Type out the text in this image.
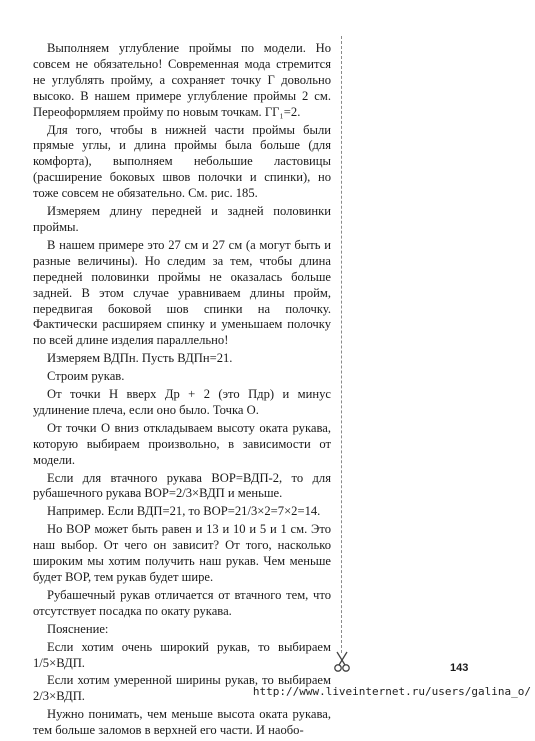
Выполняем углубление проймы по модели. Но совсем не обязательно! Современная мода стремится не углублять пройму, а сохраняет точку Г довольно высоко. В нашем примере углубление проймы 2 см. Переоформляем пройму по новым точкам. ГГ₁=2.

Для того, чтобы в нижней части проймы были прямые углы, и длина проймы была больше (для комфорта), выполняем небольшие ластовицы (расширение боковых швов полочки и спинки), но тоже совсем не обязательно. См. рис. 185.

Измеряем длину передней и задней половинки проймы.

В нашем примере это 27 см и 27 см (а могут быть и разные величины). Но следим за тем, чтобы длина передней половинки проймы не оказалась больше задней. В этом случае уравниваем длины пройм, передвигая боковой шов спинки на полочку. Фактически расширяем спинку и уменьшаем полочку по всей длине изделия параллельно!

Измеряем ВДПн. Пусть ВДПн=21.

Строим рукав.

От точки Н вверх Др + 2 (это Пдр) и минус удлинение плеча, если оно было. Точка О.

От точки О вниз откладываем высоту оката рукава, которую выбираем произвольно, в зависимости от модели.

Если для втачного рукава ВОР=ВДП-2, то для рубашечного рукава ВОР=2/3×ВДП и меньше.

Например. Если ВДП=21, то ВОР=21/3×2=7×2=14.

Но ВОР может быть равен и 13 и 10 и 5 и 1 см. Это наш выбор. От чего он зависит? От того, насколько широким мы хотим получить наш рукав. Чем меньше будет ВОР, тем рукав будет шире.

Рубашечный рукав отличается от втачного тем, что отсутствует посадка по окату рукава.

Пояснение:

Если хотим очень широкий рукав, то выбираем 1/5×ВДП.

Если хотим умеренной ширины рукав, то выбираем 2/3×ВДП.

Нужно понимать, чем меньше высота оката рукава, тем больше заломов в верхней его части. И наобо-

143
http://www.liveinternet.ru/users/galina_o/
